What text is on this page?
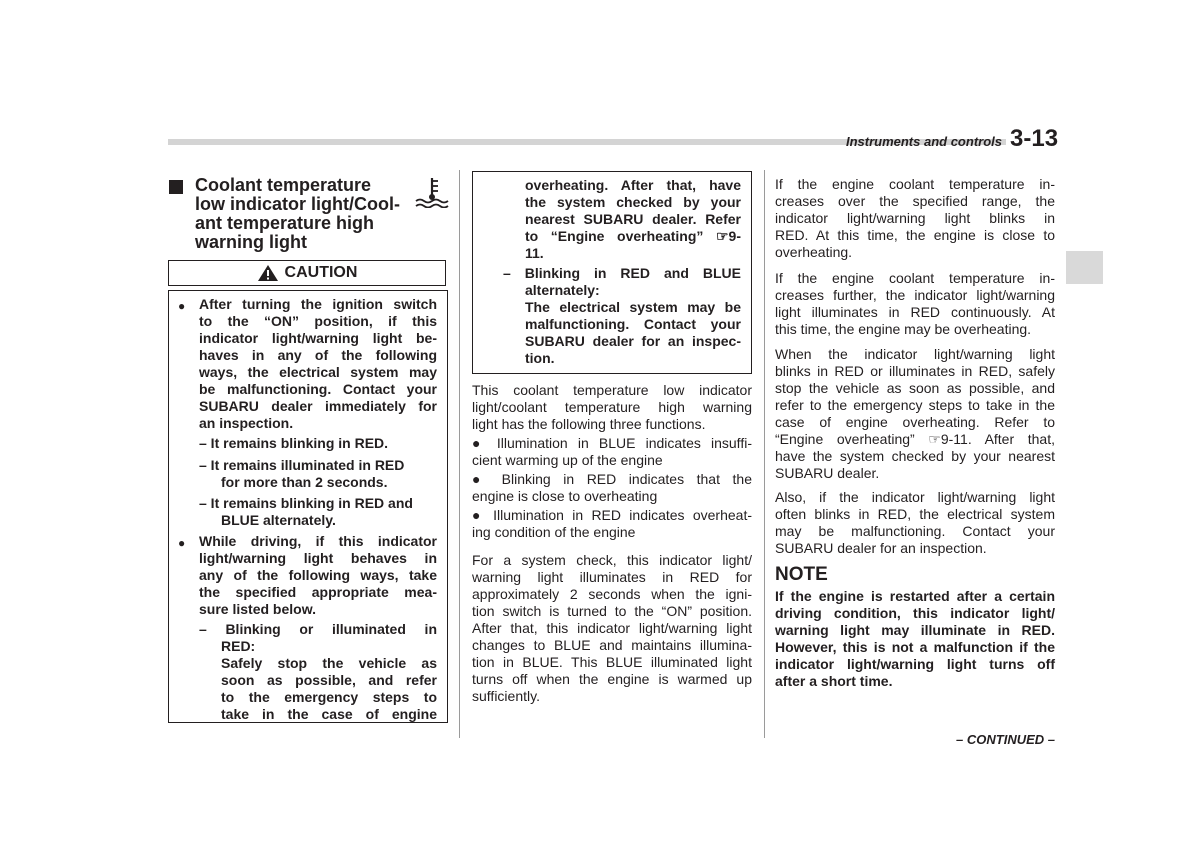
Instruments and controls 3-13
Coolant temperature
low indicator light/Cool-
ant temperature high
warning light
CAUTION
● After turning the ignition switch
to the “ON” position, if this
indicator light/warning light be-
haves in any of the following
ways, the electrical system may
be malfunctioning. Contact your
SUBARU dealer immediately for
an inspection.
– It remains blinking in RED.
– It remains illuminated in RED
for more than 2 seconds.
– It remains blinking in RED and
BLUE alternately.
● While driving, if this indicator
light/warning light behaves in
any of the following ways, take
the specified appropriate mea-
sure listed below.
– Blinking or illuminated in
RED:
Safely stop the vehicle as
soon as possible, and refer
to the emergency steps to
take in the case of engine
overheating. After that, have
the system checked by your
nearest SUBARU dealer. Refer
to “Engine overheating” ☞9-
11.
– Blinking in RED and BLUE
alternately:
The electrical system may be
malfunctioning. Contact your
SUBARU dealer for an inspec-
tion.
This coolant temperature low indicator
light/coolant temperature high warning
light has the following three functions.
● Illumination in BLUE indicates insuffi-
cient warming up of the engine
● Blinking in RED indicates that the
engine is close to overheating
● Illumination in RED indicates overheat-
ing condition of the engine
For a system check, this indicator light/
warning light illuminates in RED for
approximately 2 seconds when the igni-
tion switch is turned to the “ON” position.
After that, this indicator light/warning light
changes to BLUE and maintains illumina-
tion in BLUE. This BLUE illuminated light
turns off when the engine is warmed up
sufficiently.
If the engine coolant temperature in-
creases over the specified range, the
indicator light/warning light blinks in
RED. At this time, the engine is close to
overheating.
If the engine coolant temperature in-
creases further, the indicator light/warning
light illuminates in RED continuously. At
this time, the engine may be overheating.
When the indicator light/warning light
blinks in RED or illuminates in RED, safely
stop the vehicle as soon as possible, and
refer to the emergency steps to take in the
case of engine overheating. Refer to
“Engine overheating” ☞9-11. After that,
have the system checked by your nearest
SUBARU dealer.
Also, if the indicator light/warning light
often blinks in RED, the electrical system
may be malfunctioning. Contact your
SUBARU dealer for an inspection.
NOTE
If the engine is restarted after a certain
driving condition, this indicator light/
warning light may illuminate in RED.
However, this is not a malfunction if the
indicator light/warning light turns off
after a short time.
– CONTINUED –
